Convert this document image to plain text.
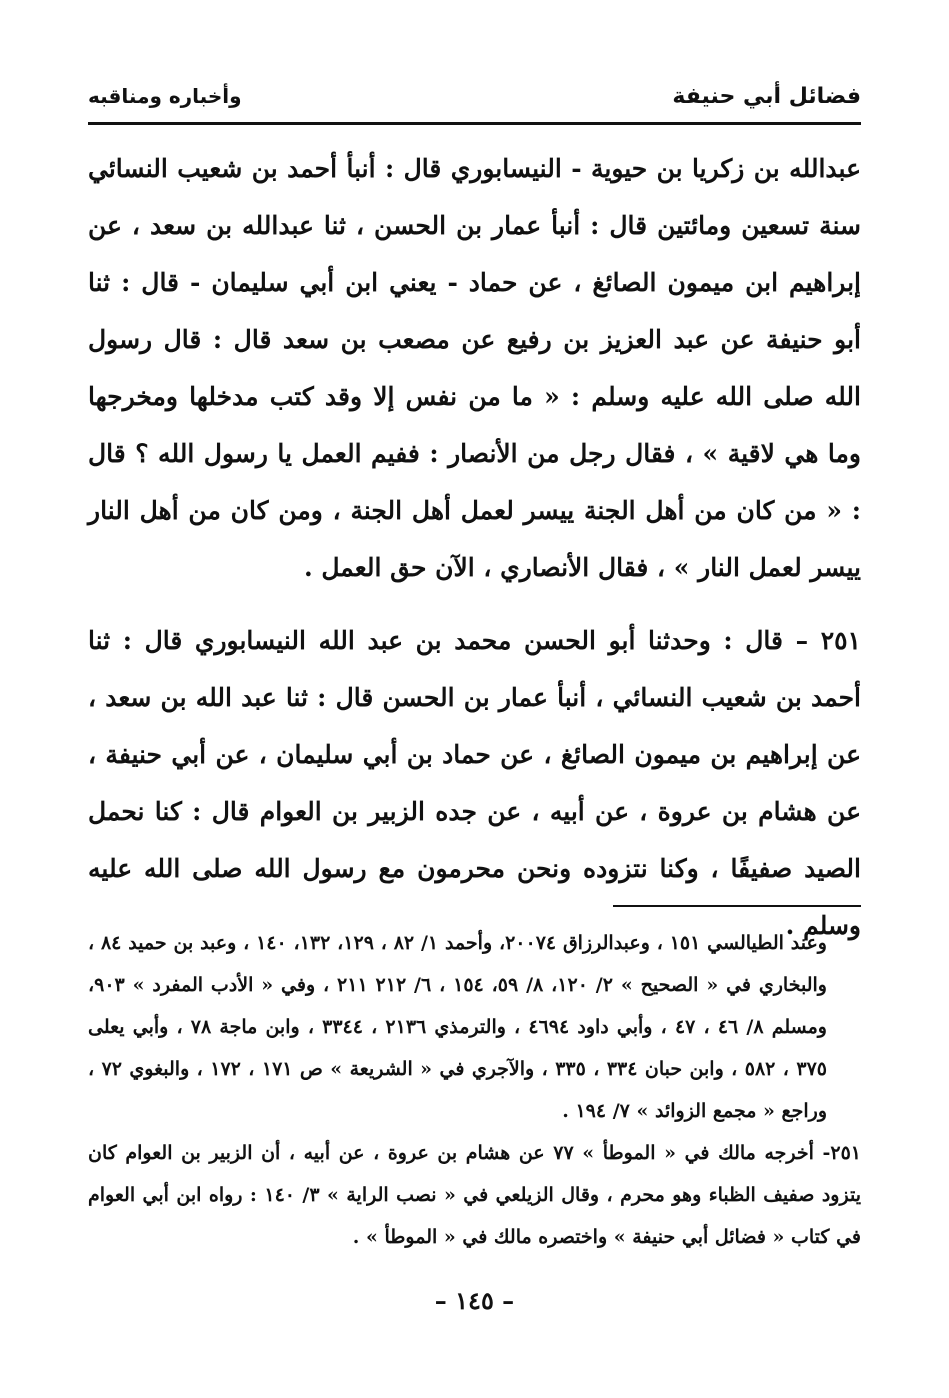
فضائل أبي حنيفة
وأخباره ومناقبه

عبدالله بن زكريا بن حيوية - النيسابوري قال : أنبأ أحمد بن شعيب النسائي سنة تسعين ومائتين قال : أنبأ عمار بن الحسن ، ثنا عبدالله بن سعد ، عن إبراهيم ابن ميمون الصائغ ، عن حماد - يعني ابن أبي سليمان - قال : ثنا أبو حنيفة عن عبد العزيز بن رفيع عن مصعب بن سعد قال : قال رسول الله صلى الله عليه وسلم : « ما من نفس إلا وقد كتب مدخلها ومخرجها وما هي لاقية » ، فقال رجل من الأنصار : ففيم العمل يا رسول الله ؟ قال : « من كان من أهل الجنة ييسر لعمل أهل الجنة ، ومن كان من أهل النار ييسر لعمل النار » ، فقال الأنصاري ، الآن حق العمل .

٢٥١ – قال : وحدثنا أبو الحسن محمد بن عبد الله النيسابوري قال : ثنا أحمد بن شعيب النسائي ، أنبأ عمار بن الحسن قال : ثنا عبد الله بن سعد ، عن إبراهيم بن ميمون الصائغ ، عن حماد بن أبي سليمان ، عن أبي حنيفة ، عن هشام بن عروة ، عن أبيه ، عن جده الزبير بن العوام قال : كنا نحمل الصيد صفيفًا ، وكنا نتزوده ونحن محرمون مع رسول الله صلى الله عليه وسلم .

وعند الطيالسي ١٥١ ، وعبدالرزاق ٢٠٠٧٤، وأحمد ١/ ٨٢ ، ١٢٩، ١٣٢، ١٤٠ ، وعبد بن حميد ٨٤ ، والبخاري في « الصحيح » ٢/ ١٢٠، ٨/ ٥٩، ١٥٤ ، ٦/ ٢١٢ ٢١١ ، وفي « الأدب المفرد » ٩٠٣، ومسلم ٨/ ٤٦ ، ٤٧ ، وأبي داود ٤٦٩٤ ، والترمذي ٢١٣٦ ، ٣٣٤٤ ، وابن ماجة ٧٨ ، وأبي يعلى ٣٧٥ ، ٥٨٢ ، وابن حبان ٣٣٤ ، ٣٣٥ ، والآجري في « الشريعة » ص ١٧١ ، ١٧٢ ، والبغوي ٧٢ ، وراجع « مجمع الزوائد » ٧/ ١٩٤ .

٢٥١- أخرجه مالك في « الموطأ » ٧٧ عن هشام بن عروة ، عن أبيه ، أن الزبير بن العوام كان يتزود صفيف الظباء وهو محرم ، وقال الزيلعي في « نصب الراية » ٣/ ١٤٠ : رواه ابن أبي العوام في كتاب « فضائل أبي حنيفة » واختصره مالك في « الموطأ » .

– ١٤٥ –
